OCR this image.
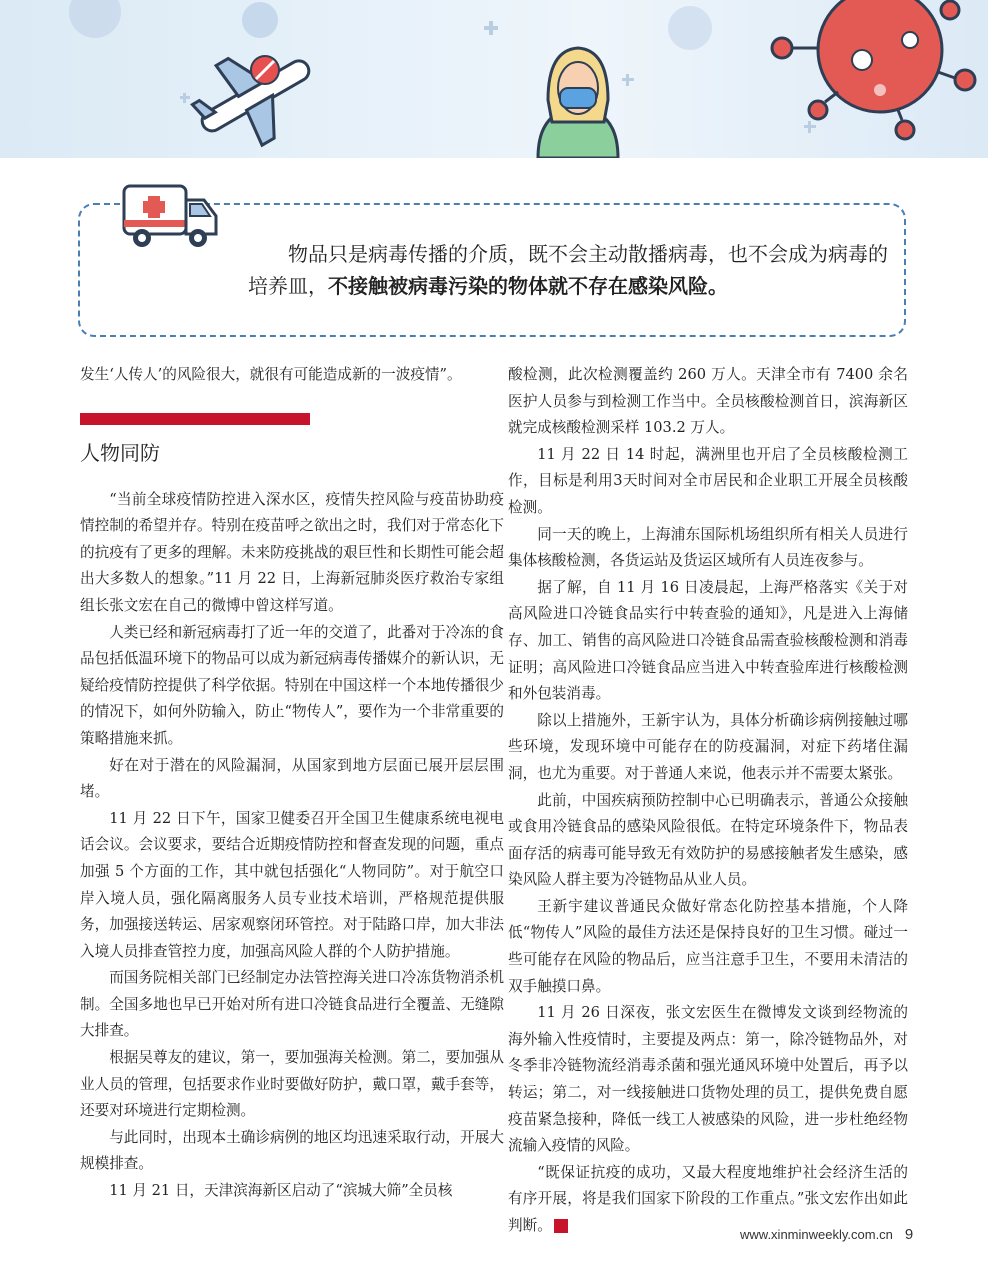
物品只是病毒传播的介质，既不会主动散播病毒，也不会成为病毒的培养皿，不接触被病毒污染的物体就不存在感染风险。

发生‘人传人’的风险很大，就很有可能造成新的一波疫情”。

人物同防

“当前全球疫情防控进入深水区，疫情失控风险与疫苗协助疫情控制的希望并存。特别在疫苗呼之欲出之时，我们对于常态化下的抗疫有了更多的理解。未来防疫挑战的艰巨性和长期性可能会超出大多数人的想象。”11 月 22 日，上海新冠肺炎医疗救治专家组组长张文宏在自己的微博中曾这样写道。

人类已经和新冠病毒打了近一年的交道了，此番对于冷冻的食品包括低温环境下的物品可以成为新冠病毒传播媒介的新认识，无疑给疫情防控提供了科学依据。特别在中国这样一个本地传播很少的情况下，如何外防输入，防止“物传人”，要作为一个非常重要的策略措施来抓。

好在对于潜在的风险漏洞，从国家到地方层面已展开层层围堵。

11 月 22 日下午，国家卫健委召开全国卫生健康系统电视电话会议。会议要求，要结合近期疫情防控和督查发现的问题，重点加强 5 个方面的工作，其中就包括强化“人物同防”。对于航空口岸入境人员，强化隔离服务人员专业技术培训，严格规范提供服务，加强接送转运、居家观察闭环管控。对于陆路口岸，加大非法入境人员排查管控力度，加强高风险人群的个人防护措施。

而国务院相关部门已经制定办法管控海关进口冷冻货物消杀机制。全国多地也早已开始对所有进口冷链食品进行全覆盖、无缝隙大排查。

根据吴尊友的建议，第一，要加强海关检测。第二，要加强从业人员的管理，包括要求作业时要做好防护，戴口罩，戴手套等，还要对环境进行定期检测。

与此同时，出现本土确诊病例的地区均迅速采取行动，开展大规模排查。

11 月 21 日，天津滨海新区启动了“滨城大筛”全员核

酸检测，此次检测覆盖约 260 万人。天津全市有 7400 余名医护人员参与到检测工作当中。全员核酸检测首日，滨海新区就完成核酸检测采样 103.2 万人。

11 月 22 日 14 时起，满洲里也开启了全员核酸检测工作，目标是利用3天时间对全市居民和企业职工开展全员核酸检测。

同一天的晚上，上海浦东国际机场组织所有相关人员进行集体核酸检测，各货运站及货运区域所有人员连夜参与。

据了解，自 11 月 16 日凌晨起，上海严格落实《关于对高风险进口冷链食品实行中转查验的通知》，凡是进入上海储存、加工、销售的高风险进口冷链食品需查验核酸检测和消毒证明；高风险进口冷链食品应当进入中转查验库进行核酸检测和外包装消毒。

除以上措施外，王新宇认为，具体分析确诊病例接触过哪些环境，发现环境中可能存在的防疫漏洞，对症下药堵住漏洞，也尤为重要。对于普通人来说，他表示并不需要太紧张。

此前，中国疾病预防控制中心已明确表示，普通公众接触或食用冷链食品的感染风险很低。在特定环境条件下，物品表面存活的病毒可能导致无有效防护的易感接触者发生感染，感染风险人群主要为冷链物品从业人员。

王新宇建议普通民众做好常态化防控基本措施，个人降低“物传人”风险的最佳方法还是保持良好的卫生习惯。碰过一些可能存在风险的物品后，应当注意手卫生，不要用未清洁的双手触摸口鼻。

11 月 26 日深夜，张文宏医生在微博发文谈到经物流的海外输入性疫情时，主要提及两点：第一，除冷链物品外，对冬季非冷链物流经消毒杀菌和强光通风环境中处置后，再予以转运；第二，对一线接触进口货物处理的员工，提供免费自愿疫苗紧急接种，降低一线工人被感染的风险，进一步杜绝经物流输入疫情的风险。

“既保证抗疫的成功，又最大程度地维护社会经济生活的有序开展，将是我们国家下阶段的工作重点。”张文宏作出如此判断。	民

www.xinminweekly.com.cn 9
